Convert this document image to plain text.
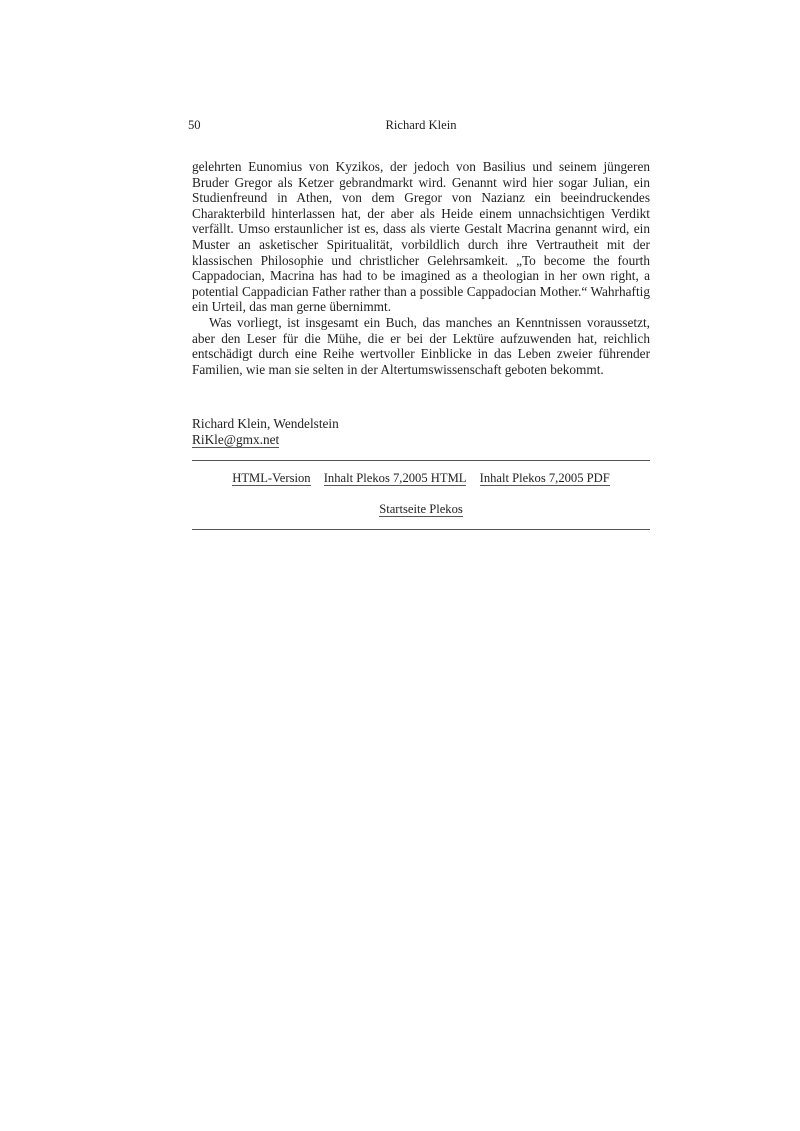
50	Richard Klein

gelehrten Eunomius von Kyzikos, der jedoch von Basilius und seinem jüngeren Bruder Gregor als Ketzer gebrandmarkt wird. Genannt wird hier sogar Julian, ein Studienfreund in Athen, von dem Gregor von Nazianz ein beeindruckendes Charakterbild hinterlassen hat, der aber als Heide einem unnachsichtigen Verdikt verfällt. Umso erstaunlicher ist es, dass als vierte Gestalt Macrina genannt wird, ein Muster an asketischer Spiritualität, vorbildlich durch ihre Vertrautheit mit der klassischen Philosophie und christlicher Gelehrsamkeit. „To become the fourth Cappadocian, Macrina has had to be imagined as a theologian in her own right, a potential Cappadician Father rather than a possible Cappadocian Mother.“ Wahrhaftig ein Urteil, das man gerne übernimmt.

Was vorliegt, ist insgesamt ein Buch, das manches an Kenntnissen voraussetzt, aber den Leser für die Mühe, die er bei der Lektüre aufzuwenden hat, reichlich entschädigt durch eine Reihe wertvoller Einblicke in das Leben zweier führender Familien, wie man sie selten in der Altertumswissenschaft geboten bekommt.

Richard Klein, Wendelstein
RiKle@gmx.net
HTML-Version Inhalt Plekos 7,2005 HTML Inhalt Plekos 7,2005 PDF
Startseite Plekos
